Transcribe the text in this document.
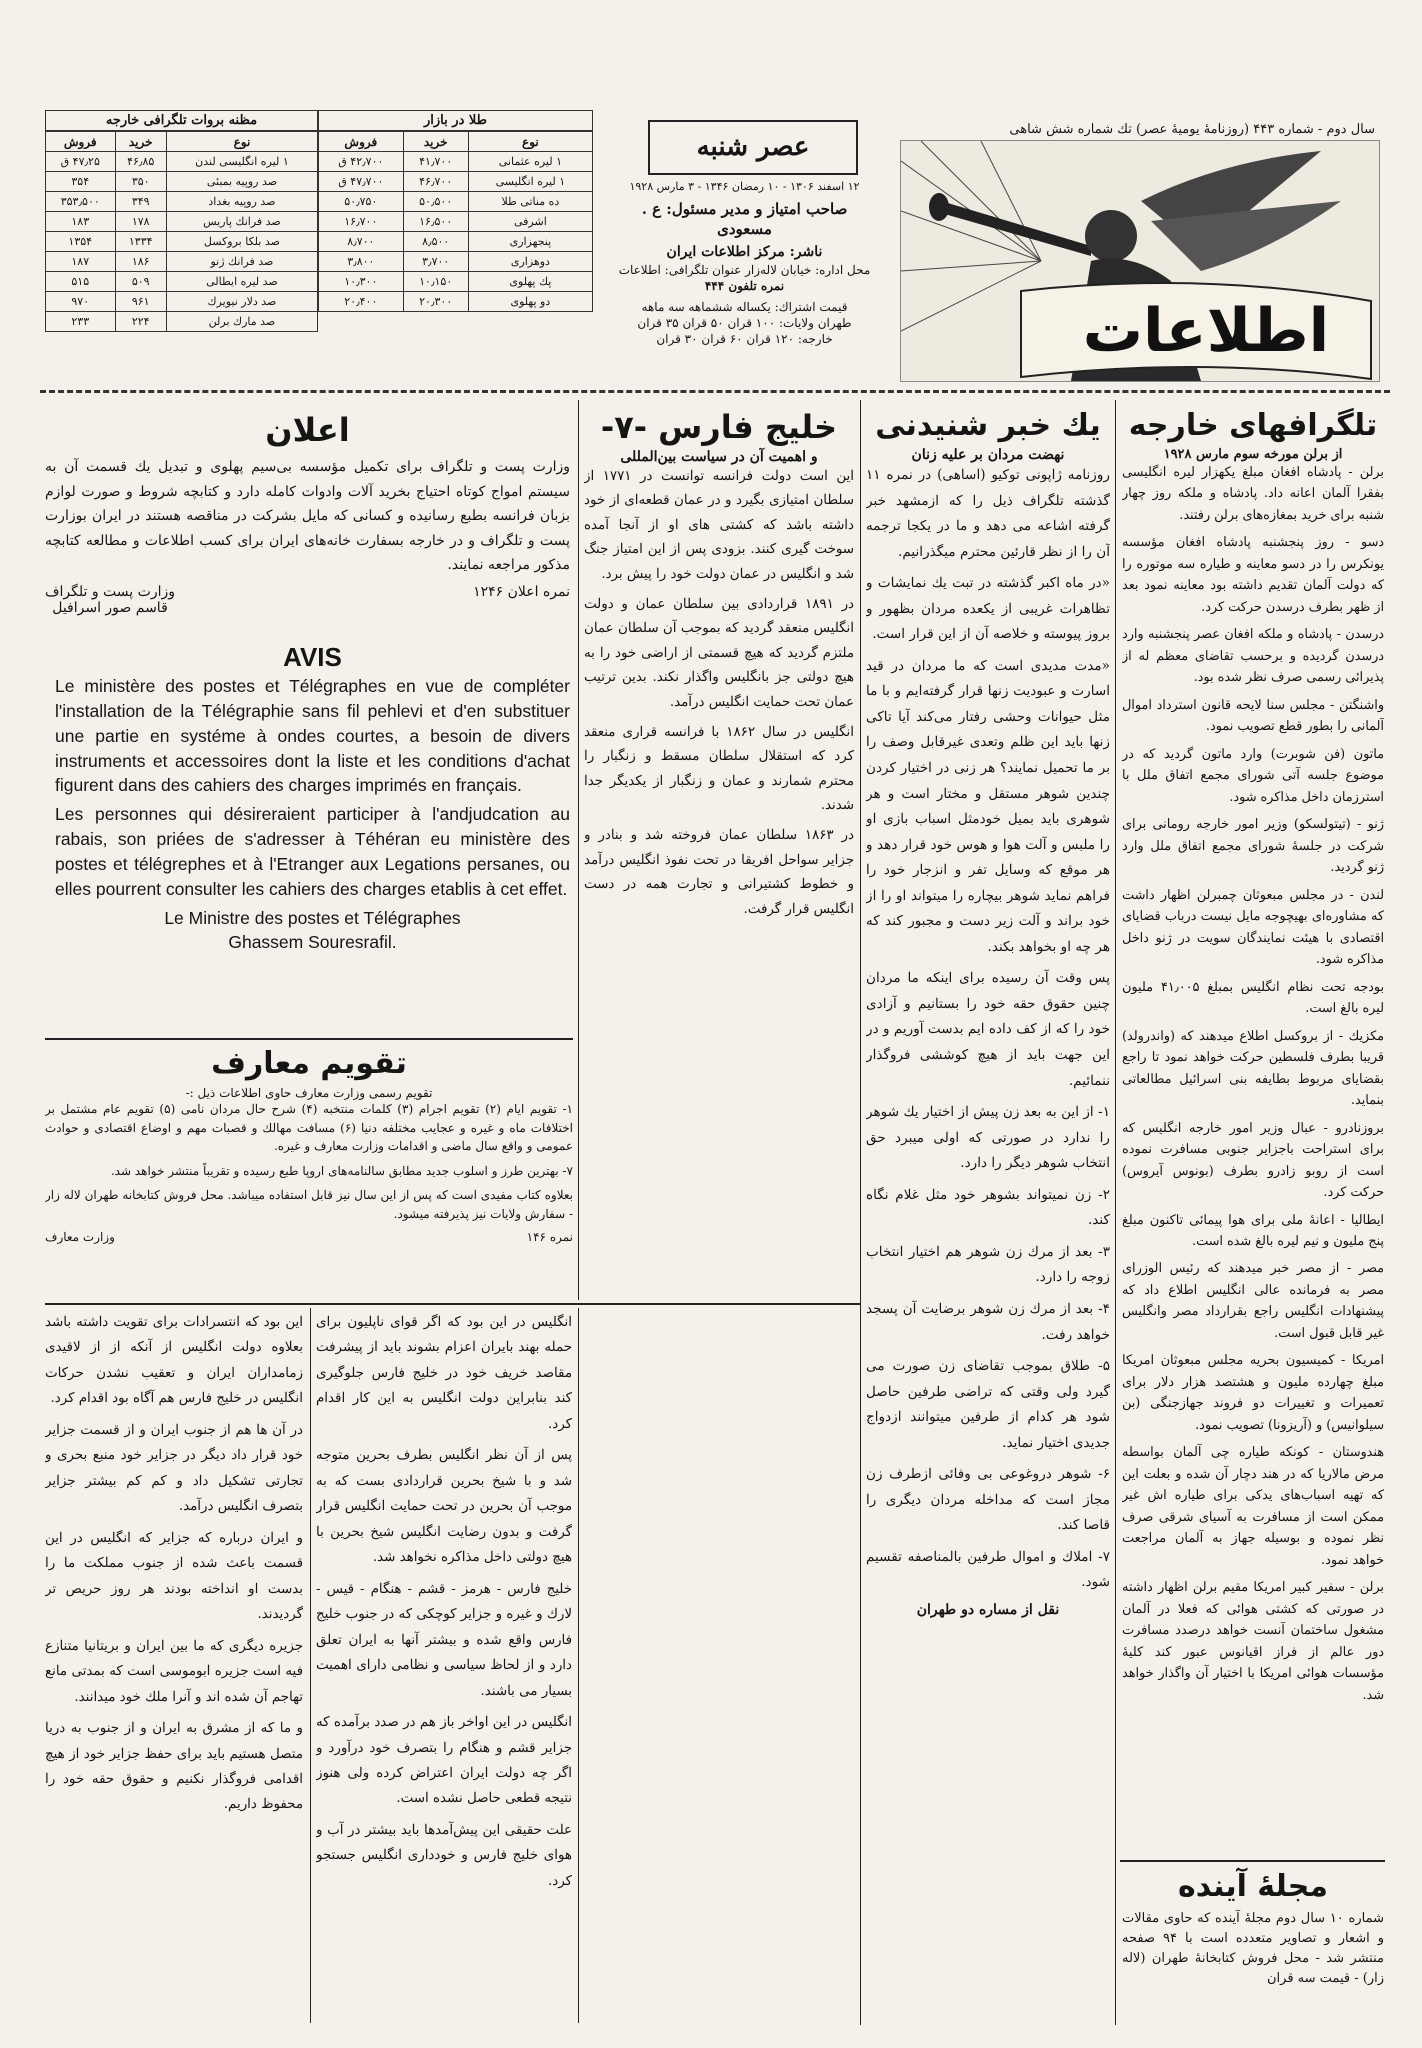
سال دوم - شماره ۴۴۳ (روزنامهٔ یومیهٔ عصر) تك شماره شش شاهی
اطلاعات
عصر شنبه
۱۲ اسفند ۱۳۰۶ - ۱۰ رمضان ۱۳۴۶ - ۳ مارس ۱۹۲۸
صاحب امتیاز و مدیر مسئول: ع . مسعودی
ناشر: مرکز اطلاعات ایران
محل اداره: خیابان لاله‌زار عنوان تلگرافی: اطلاعات
نمره تلفون ۴۴۴
قیمت اشتراك: یکساله ششماهه سه ماهه
طهران ولایات: ۱۰۰ قران ۵۰ قران ۳۵ قران
خارجه: ۱۲۰ قران ۶۰ قران ۳۰ قران
طلا در بازار
نوع	خرید	فروش
۱ لیره عثمانی	۴۱٫۷۰۰	۴۲٫۷۰۰ ق
۱ لیره انگلیسی	۴۶٫۷۰۰	۴۷٫۷۰۰ ق
ده مناتی طلا	۵۰٫۵۰۰	۵۰٫۷۵۰
اشرفی	۱۶٫۵۰۰	۱۶٫۷۰۰
پنجهزاری	۸٫۵۰۰	۸٫۷۰۰
دوهزاری	۳٫۷۰۰	۳٫۸۰۰
پك پهلوی	۱۰٫۱۵۰	۱۰٫۳۰۰
دو پهلوی	۲۰٫۳۰۰	۲۰٫۴۰۰
مظنه بروات تلگرافی خارجه
نوع	خرید	فروش
۱ لیره انگلیسی لندن	۴۶٫۸۵	۴۷٫۲۵ ق
صد روپیه بمبئی	۳۵۰	۳۵۴
صد روپیه بغداد	۳۴۹	۳۵۳٫۵۰۰
صد فرانك پاریس	۱۷۸	۱۸۳
صد بلکا بروکسل	۱۳۳۴	۱۳۵۴
صد فرانك ژنو	۱۸۶	۱۸۷
صد لیره ایطالی	۵۰۹	۵۱۵
صد دلار نیویرك	۹۶۱	۹۷۰
صد مارك برلن	۲۲۴	۲۳۳
تلگرافهای خارجه
از برلن مورخه سوم مارس ۱۹۲۸

برلن - پادشاه افغان مبلغ یکهزار لیره انگلیسی بفقرا آلمان اعانه داد. پادشاه و ملکه روز چهار شنبه برای خرید بمغازه‌های برلن رفتند.

دسو - روز پنجشنبه پادشاه افغان مؤسسه یونکرس را در دسو معاینه و طیاره سه موتوره را که دولت آلمان تقدیم داشته بود معاینه نمود بعد از ظهر بطرف درسدن حرکت کرد.

درسدن - پادشاه و ملکه افغان عصر پنجشنبه وارد درسدن گردیده و برحسب تقاضای معظم له از پذیرائی رسمی صرف نظر شده بود.

واشنگتن - مجلس سنا لایحه قانون استرداد اموال آلمانی را بطور قطع تصویب نمود.

ماتون (فن شوبرت) وارد ماتون گردید که در موضوع جلسه آتی شورای مجمع اتفاق ملل با استرزمان داخل مذاکره شود.

ژنو - (تیتولسکو) وزیر امور خارجه رومانی برای شرکت در جلسهٔ شورای مجمع اتفاق ملل وارد ژنو گردید.

لندن - در مجلس مبعوثان چمبرلن اظهار داشت که مشاوره‌ای بهیچوجه مایل نیست درباب قضایای اقتصادی با هیئت نمایندگان سویت در ژنو داخل مذاکره شود.

بودجه تحت نظام انگلیس بمبلغ ۴۱٫۰۰۵ ملیون لیره بالغ است.

مکزیك - از بروکسل اطلاع میدهند که (واندرولد) قریبا بطرف فلسطین حرکت خواهد نمود تا راجع بقضایای مربوط بطایفه بنی اسرائیل مطالعاتی بنماید.

بروزنادرو - عبال وزیر امور خارجه انگلیس که برای استراحت باجزایر جنوبی مسافرت نموده است از روبو زادرو بطرف (بونوس آیروس) حرکت کرد.

ایطالیا - اعانهٔ ملی برای هوا پیمائی تاکنون مبلغ پنج ملیون و نیم لیره بالغ شده است.

مصر - از مصر خبر میدهند که رئیس الوزرای مصر به فرمانده عالی انگلیس اطلاع داد که پیشنهادات انگلیس راجع بقرارداد مصر وانگلیس غیر قابل قبول است.

امریکا - کمیسیون بحریه مجلس مبعوثان امریکا مبلغ چهارده ملیون و هشتصد هزار دلار برای تعمیرات و تغییرات دو فروند جهازجنگی (بن سیلوانیس) و (آریزونا) تصویب نمود.

هندوستان - کونکه طیاره چی آلمان بواسطه مرض مالاریا که در هند دچار آن شده و بعلت این که تهیه اسباب‌های یدکی برای طیاره اش غیر ممکن است از مسافرت به آسیای شرقی صرف نظر نموده و بوسیله جهاز به آلمان مراجعت خواهد نمود.

برلن - سفیر کبیر امریکا مقیم برلن اظهار داشته در صورتی که کشتی هوائی که فعلا در آلمان مشغول ساختمان آنست خواهد درصدد مسافرت دور عالم از فراز اقیانوس عبور کند کلیهٔ مؤسسات هوائی امریکا با اختیار آن واگذار خواهد شد.

مجلهٔ آینده
شماره ۱۰ سال دوم مجلهٔ آینده که حاوی مقالات و اشعار و تصاویر متعدده است با ۹۴ صفحه منتشر شد - محل فروش کتابخانهٔ طهران (لاله زار) - قیمت سه قران
یك خبر شنیدنی
نهضت مردان بر علیه زنان

روزنامه ژاپونی توکیو (اساهی) در نمره ۱۱ گذشته تلگراف ذیل را که ازمشهد خبر گرفته اشاعه می دهد و ما در یکجا ترجمه آن را از نظر قارئین محترم میگذرانیم.

«در ماه اکبر گذشته در تبت یك نمایشات و تظاهرات غریبی از یکعده مردان بظهور و بروز پیوسته و خلاصه آن از این قرار است.

«مدت مدیدی است که ما مردان در قید اسارت و عبودیت زنها قرار گرفته‌ایم و با ما مثل حیوانات وحشی رفتار می‌کند آیا تاکی زنها باید این ظلم وتعدی غیرقابل وصف را بر ما تحمیل نمایند؟ هر زنی در اختیار کردن چندین شوهر مستقل و مختار است و هر شوهری باید بمیل خودمثل اسباب بازی او را ملبس و آلت هوا و هوس خود قرار دهد و هر موقع که وسایل تفر و انزجار خود را فراهم نماید شوهر بیچاره را میتواند او را از خود براند و آلت زیر دست و مجبور کند که هر چه او بخواهد بکند.

پس وقت آن رسیده برای اینکه ما مردان چنین حقوق حقه خود را بستانیم و آزادی خود را که از کف داده ایم بدست آوریم و در این جهت باید از هیچ کوششی فروگذار ننمائیم.

۱- از این به بعد زن پیش از اختیار یك شوهر را ندارد در صورتی که اولی میبرد حق انتخاب شوهر دیگر را دارد.

۲- زن نمیتواند بشوهر خود مثل غلام نگاه کند.

۳- بعد از مرك زن شوهر هم اختیار انتخاب زوجه را دارد.

۴- بعد از مرك زن شوهر برضایت آن پسجد خواهد رفت.

۵- طلاق بموجب تقاضای زن صورت می گیرد ولی وقتی که تراضی طرفین حاصل شود هر کدام از طرفین میتوانند ازدواج جدیدی اختیار نماید.

۶- شوهر دروغوعی بی وفائی ازطرف زن مجاز است که مداخله مردان دیگری را قاصا کند.

۷- املاك و اموال طرفین بالمناصفه تقسیم شود.

نقل از مساره دو طهران
خلیج فارس -۷-
و اهمیت آن در سیاست بین‌المللی

این است دولت فرانسه توانست در ۱۷۷۱ از سلطان امتیازی بگیرد و در عمان قطعه‌ای از خود داشته باشد که کشتی های او از آنجا آمده سوخت گیری کنند. بزودی پس از این امتیاز جنگ شد و انگلیس در عمان دولت خود را پیش برد.

در ۱۸۹۱ قراردادی بین سلطان عمان و دولت انگلیس منعقد گردید که بموجب آن سلطان عمان ملتزم گردید که هیچ قسمتی از اراضی خود را به هیچ دولتی جز بانگلیس واگذار نکند. بدین ترتیب عمان تحت حمایت انگلیس درآمد.

انگلیس در سال ۱۸۶۲ با فرانسه قراری منعقد کرد که استقلال سلطان مسقط و زنگبار را محترم شمارند و عمان و زنگبار از یکدیگر جدا شدند.

در ۱۸۶۳ سلطان عمان فروخته شد و بنادر و جزایر سواحل افریقا در تحت نفوذ انگلیس درآمد و خطوط کشتیرانی و تجارت همه در دست انگلیس قرار گرفت.

اعلان

وزارت پست و تلگراف برای تکمیل مؤسسه بی‌سیم پهلوی و تبدیل یك قسمت آن به سیستم امواج کوتاه احتیاج بخرید آلات وادوات کامله دارد و کتابچه شروط و صورت لوازم بزبان فرانسه بطبع رسانیده و کسانی که مایل بشرکت در مناقصه هستند در ایران بوزارت پست و تلگراف و در خارجه بسفارت خانه‌های ایران برای کسب اطلاعات و مطالعه کتابچه مذکور مراجعه نمایند.

نمره اعلان ۱۲۴۶
وزارت پست و تلگراف
قاسم صور اسرافیل
AVIS

Le ministère des postes et Télégraphes en vue de compléter l'installation de la Télégraphie sans fil pehlevi et d'en substituer une partie en systéme à ondes courtes, a besoin de divers instruments et accessoires dont la liste et les conditions d'achat figurent dans des cahiers des charges imprimés en français.

Les personnes qui désireraient participer à l'andjudcation au rabais, son priées de s'adresser à Téhéran eu ministère des postes et télégrephes et à l'Etranger aux Legations persanes, ou elles pourrent consulter les cahiers des charges etablis à cet effet.

Le Ministre des postes et Télégraphes
Ghassem Souresrafil.
تقویم معارف
تقویم رسمی وزارت معارف حاوی اطلاعات ذیل :-

۱- تقویم ایام (۲) تقویم اجرام (۳) کلمات منتخبه (۴) شرح حال مردان نامی (۵) تقویم عام مشتمل بر اختلافات ماه و غیره و عجایب مختلفه دنیا (۶) مسافت مهالك و قصبات مهم و اوضاع اقتصادی و حوادث عمومی و واقع سال ماضی و اقدامات وزارت معارف و غیره.

۷- بهترین طرز و اسلوب جدید مطابق سالنامه‌های اروپا طبع رسیده و تقریباً منتشر خواهد شد.

بعلاوه کتاب مفیدی است که پس از این سال نیز قابل استفاده میباشد. محل فروش کتابخانه طهران لاله زار - سفارش ولایات نیز پذیرفته میشود.

نمره ۱۴۶
وزارت معارف

انگلیس در این بود که اگر قوای ناپلیون برای حمله بهند بایران اعزام بشوند باید از پیشرفت مقاصد خریف خود در خلیج فارس جلوگیری کند بنابراین دولت انگلیس به این کار اقدام کرد.

پس از آن نظر انگلیس بطرف بحرین متوجه شد و با شیخ بحرین قراردادی بست که به موجب آن بحرین در تحت حمایت انگلیس قرار گرفت و بدون رضایت انگلیس شیخ بحرین با هیچ دولتی داخل مذاکره نخواهد شد.

خلیج فارس - هرمز - قشم - هنگام - قیس - لارك و غیره و جزایر کوچکی که در جنوب خلیج فارس واقع شده و بیشتر آنها به ایران تعلق دارد و از لحاظ سیاسی و نظامی دارای اهمیت بسیار می باشند.

انگلیس در این اواخر باز هم در صدد برآمده که جزایر قشم و هنگام را بتصرف خود درآورد و اگر چه دولت ایران اعتراض کرده ولی هنوز نتیجه قطعی حاصل نشده است.

علت حقیقی این پیش‌آمدها باید بیشتر در آب و هوای خلیج فارس و خودداری انگلیس جستجو کرد.

این بود که انتسرادات برای تقویت داشته باشد بعلاوه دولت انگلیس از آنکه از از لاقیدی زمامداران ایران و تعقیب نشدن حرکات انگلیس در خلیج فارس هم آگاه بود اقدام کرد.

در آن ها هم از جنوب ایران و از قسمت جزایر خود قرار داد دیگر در جزایر خود منبع بحری و تجارتی تشکیل داد و کم کم بیشتر جزایر بتصرف انگلیس درآمد.

و ایران درباره که جزایر که انگلیس در این قسمت باعث شده از جنوب مملکت ما را بدست او انداخته بودند هر روز حریص تر گردیدند.

جزیره دیگری که ما بین ایران و بریتانیا متنازع فیه است جزیره ابوموسی است که بمدتی مانع تهاجم آن شده اند و آنرا ملك خود میدانند.

و ما که از مشرق به ایران و از جنوب به دریا متصل هستیم باید برای حفظ جزایر خود از هیچ اقدامی فروگذار نکنیم و حقوق حقه خود را محفوظ داریم.
